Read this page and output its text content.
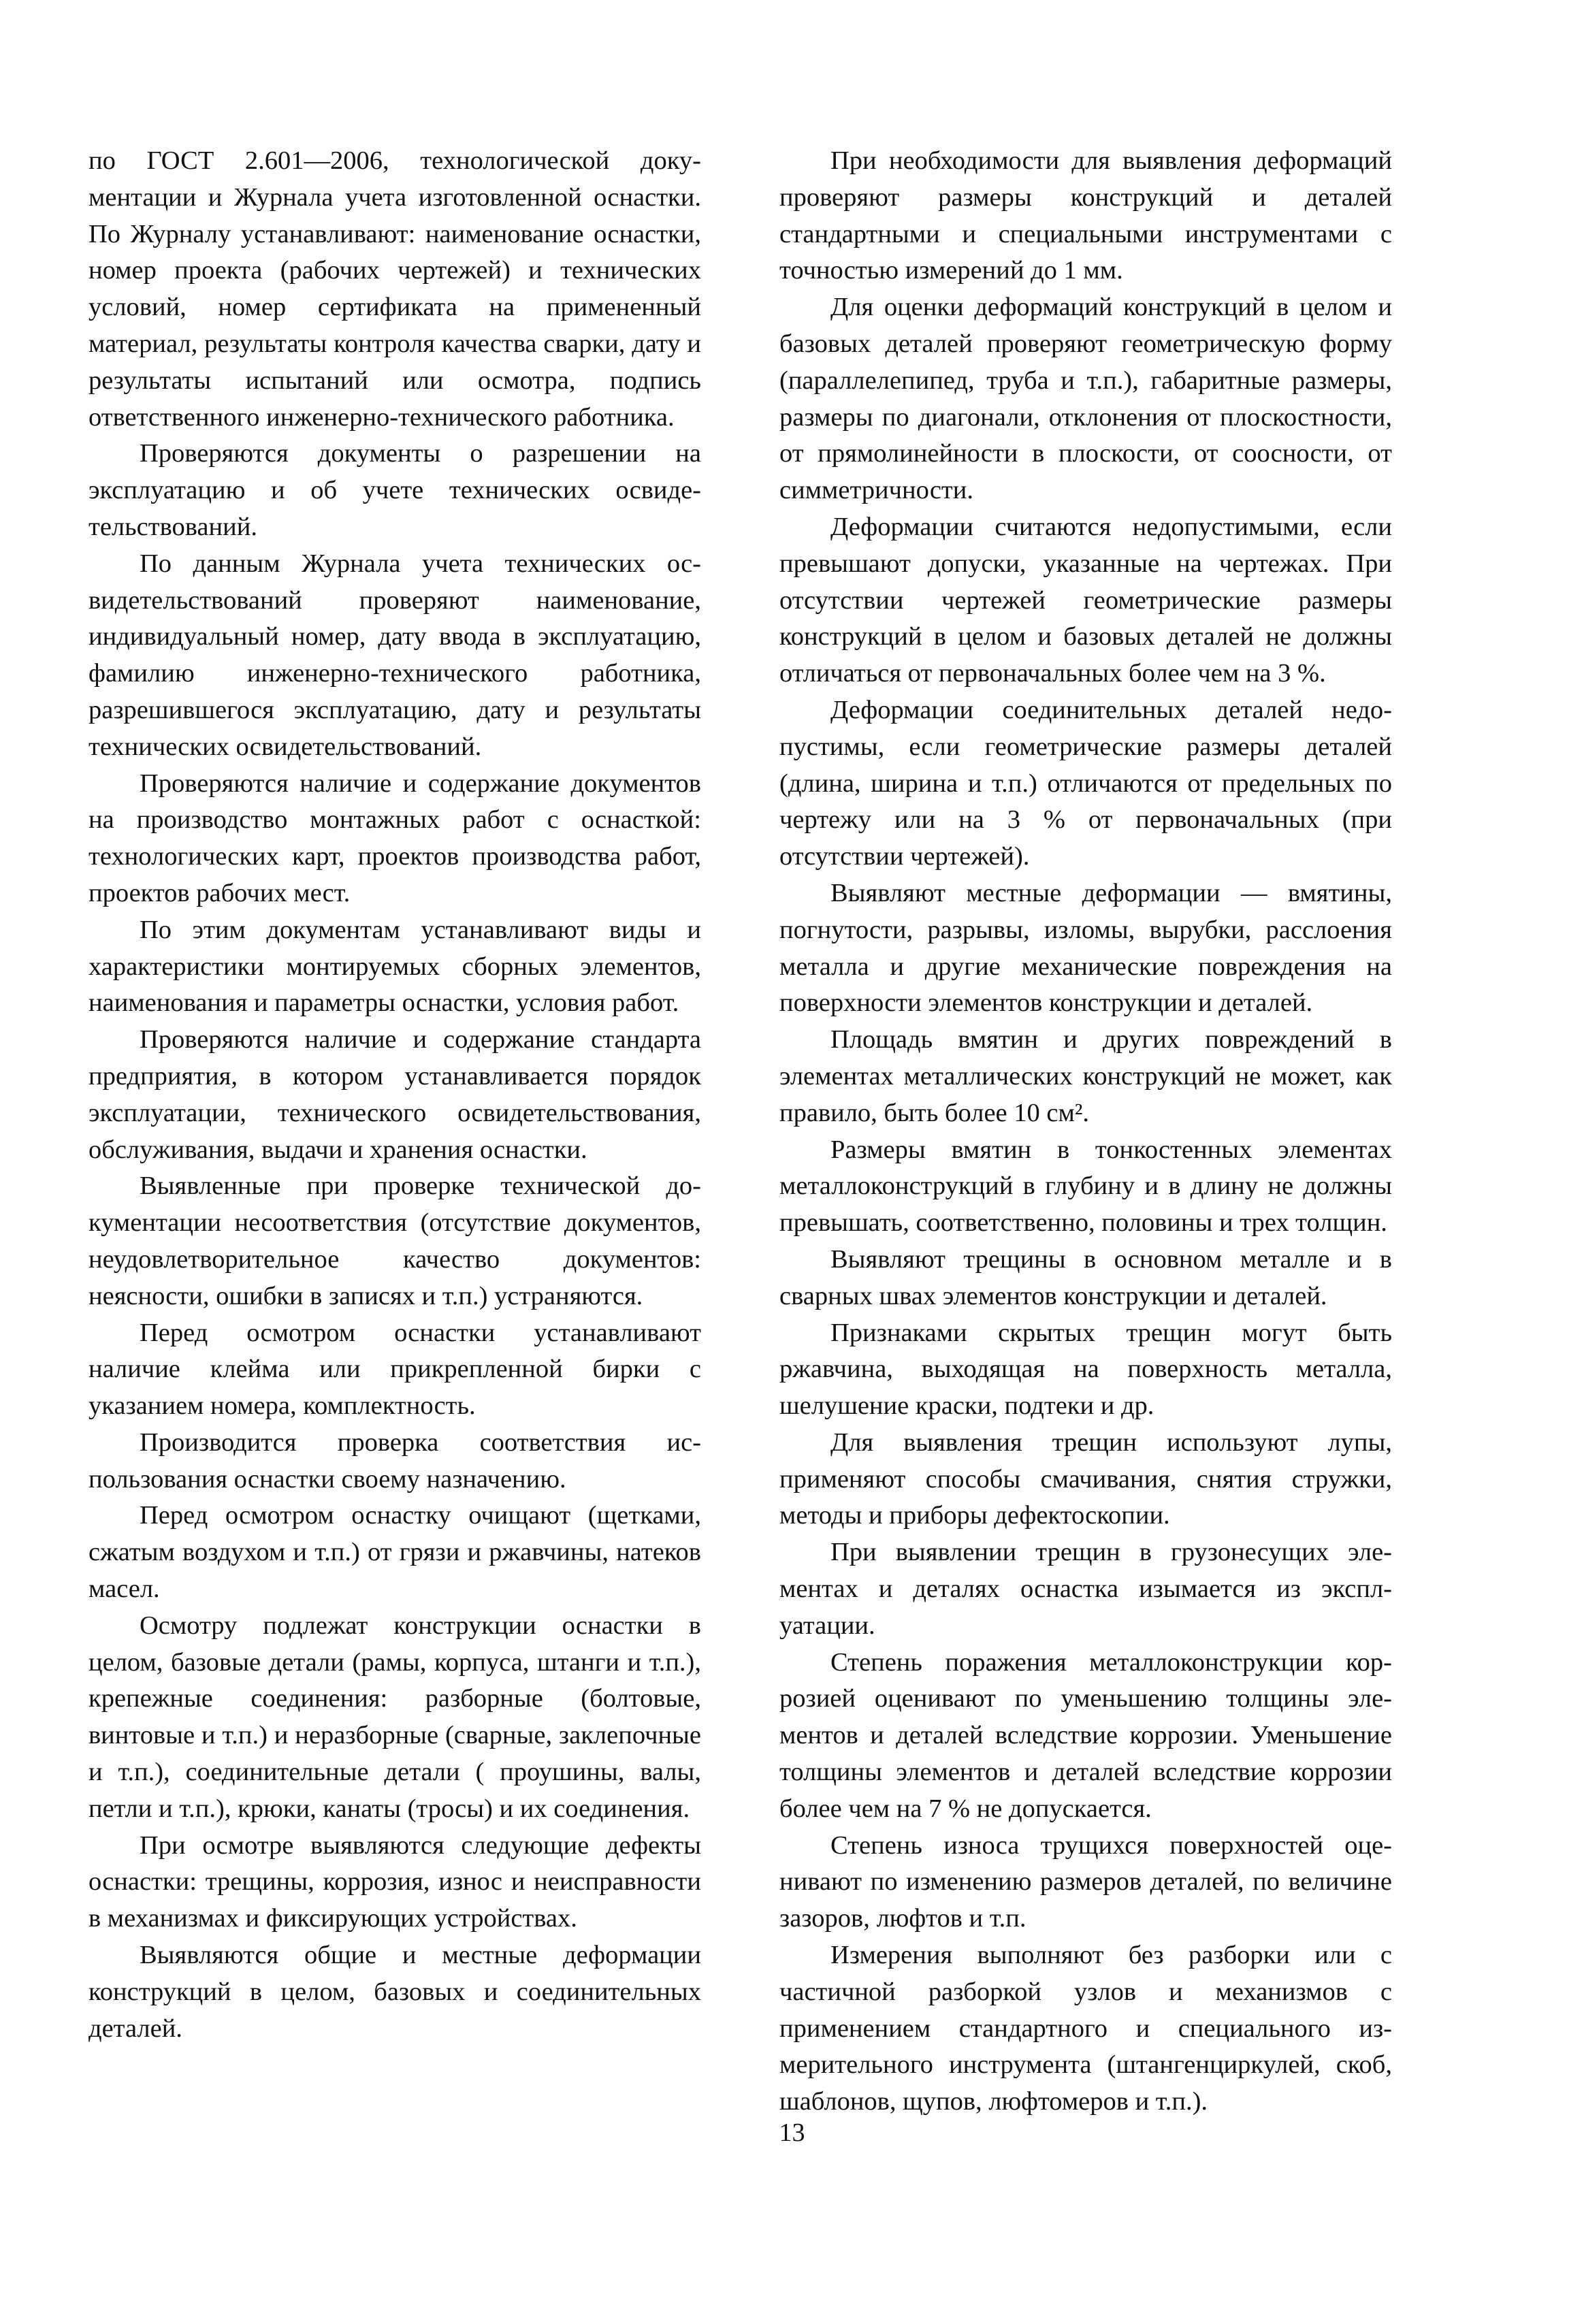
по ГОСТ 2.601—2006, технологической документации и Журнала учета изготовленной оснастки. По Журналу устанавливают: наименование оснастки, номер проекта (рабочих чертежей) и технических условий, номер сертификата на примененный материал, результаты контроля качества сварки, дату и результаты испытаний или осмотра, подпись ответственного инженерно-технического работника.

Проверяются документы о разрешении на эксплуатацию и об учете технических освидетельствований.

По данным Журнала учета технических освидетельствований проверяют наименование, индивидуальный номер, дату ввода в эксплуатацию, фамилию инженерно-технического работника, разрешившегося эксплуатацию, дату и результаты технических освидетельствований.

Проверяются наличие и содержание документов на производство монтажных работ с оснасткой: технологических карт, проектов производства работ, проектов рабочих мест.

По этим документам устанавливают виды и характеристики монтируемых сборных элементов, наименования и параметры оснастки, условия работ.

Проверяются наличие и содержание стандарта предприятия, в котором устанавливается порядок эксплуатации, технического освидетельствования, обслуживания, выдачи и хранения оснастки.

Выявленные при проверке технической документации несоответствия (отсутствие документов, неудовлетворительное качество документов: неясности, ошибки в записях и т.п.) устраняются.

Перед осмотром оснастки устанавливают наличие клейма или прикрепленной бирки с указанием номера, комплектность.

Производится проверка соответствия использования оснастки своему назначению.

Перед осмотром оснастку очищают (щетками, сжатым воздухом и т.п.) от грязи и ржавчины, натеков масел.

Осмотру подлежат конструкции оснастки в целом, базовые детали (рамы, корпуса, штанги и т.п.), крепежные соединения: разборные (болтовые, винтовые и т.п.) и неразборные (сварные, заклепочные и т.п.), соединительные детали ( проушины, валы, петли и т.п.), крюки, канаты (тросы) и их соединения.

При осмотре выявляются следующие дефекты оснастки: трещины, коррозия, износ и неисправности в механизмах и фиксирующих устройствах.

Выявляются общие и местные деформации конструкций в целом, базовых и соединительных деталей.

При необходимости для выявления деформаций проверяют размеры конструкций и деталей стандартными и специальными инструментами с точностью измерений до 1 мм.

Для оценки деформаций конструкций в целом и базовых деталей проверяют геометрическую форму (параллелепипед, труба и т.п.), габаритные размеры, размеры по диагонали, отклонения от плоскостности, от прямолинейности в плоскости, от соосности, от симметричности.

Деформации считаются недопустимыми, если превышают допуски, указанные на чертежах. При отсутствии чертежей геометрические размеры конструкций в целом и базовых деталей не должны отличаться от первоначальных более чем на 3 %.

Деформации соединительных деталей недопустимы, если геометрические размеры деталей (длина, ширина и т.п.) отличаются от предельных по чертежу или на 3 % от первоначальных (при отсутствии чертежей).

Выявляют местные деформации — вмятины, погнутости, разрывы, изломы, вырубки, расслоения металла и другие механические повреждения на поверхности элементов конструкции и деталей.

Площадь вмятин и других повреждений в элементах металлических конструкций не может, как правило, быть более 10 см².

Размеры вмятин в тонкостенных элементах металлоконструкций в глубину и в длину не должны превышать, соответственно, половины и трех толщин.

Выявляют трещины в основном металле и в сварных швах элементов конструкции и деталей.

Признаками скрытых трещин могут быть ржавчина, выходящая на поверхность металла, шелушение краски, подтеки и др.

Для выявления трещин используют лупы, применяют способы смачивания, снятия стружки, методы и приборы дефектоскопии.

При выявлении трещин в грузонесущих элементах и деталях оснастка изымается из эксплуатации.

Степень поражения металлоконструкции коррозией оценивают по уменьшению толщины элементов и деталей вследствие коррозии. Уменьшение толщины элементов и деталей вследствие коррозии более чем на 7 % не допускается.

Степень износа трущихся поверхностей оценивают по изменению размеров деталей, по величине зазоров, люфтов и т.п.

Измерения выполняют без разборки или с частичной разборкой узлов и механизмов с применением стандартного и специального измерительного инструмента (штангенциркулей, скоб, шаблонов, щупов, люфтомеров и т.п.).

13
